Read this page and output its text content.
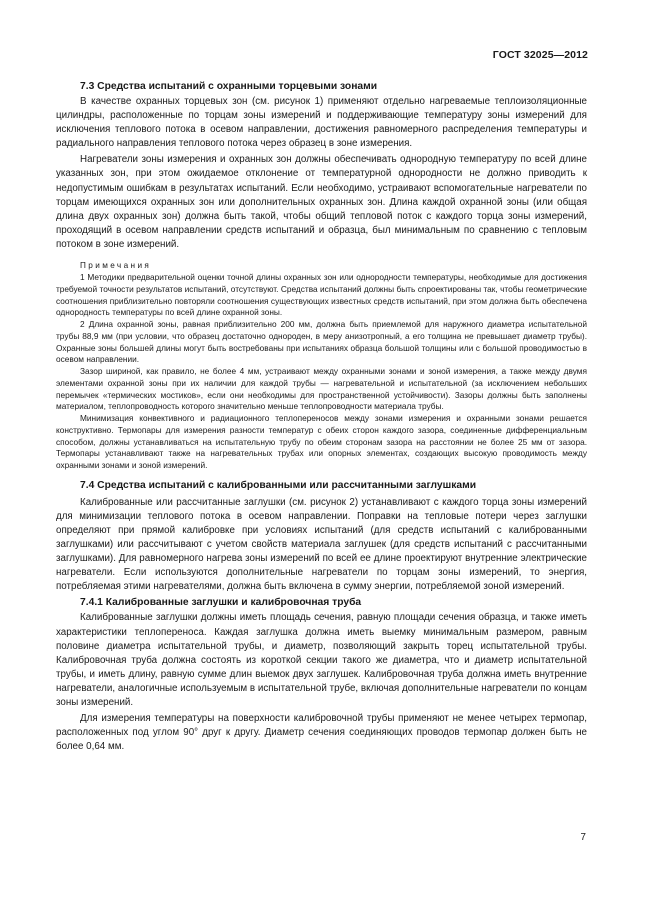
ГОСТ 32025—2012
7.3 Средства испытаний с охранными торцевыми зонами

В качестве охранных торцевых зон (см. рисунок 1) применяют отдельно нагреваемые теплоизоляционные цилиндры, расположенные по торцам зоны измерений и поддерживающие температуру зоны измерений для исключения теплового потока в осевом направлении, достижения равномерного распределения температуры и радиального направления теплового потока через образец в зоне измерения.

Нагреватели зоны измерения и охранных зон должны обеспечивать однородную температуру по всей длине указанных зон, при этом ожидаемое отклонение от температурной однородности не должно приводить к недопустимым ошибкам в результатах испытаний. Если необходимо, устраивают вспомогательные нагреватели по торцам имеющихся охранных зон или дополнительных охранных зон. Длина каждой охранной зоны (или общая длина двух охранных зон) должна быть такой, чтобы общий тепловой поток с каждого торца зоны измерений, проходящий в осевом направлении средств испытаний и образца, был минимальным по сравнению с тепловым потоком в зоне измерений.

Примечания

1 Методики предварительной оценки точной длины охранных зон или однородности температуры, необходимые для достижения требуемой точности результатов испытаний, отсутствуют. Средства испытаний должны быть спроектированы так, чтобы геометрические соотношения приблизительно повторяли соотношения существующих известных средств испытаний, при этом должна быть обеспечена однородность температуры по всей длине охранной зоны.

2 Длина охранной зоны, равная приблизительно 200 мм, должна быть приемлемой для наружного диаметра испытательной трубы 88,9 мм (при условии, что образец достаточно однороден, в меру анизотропный, а его толщина не превышает диаметр трубы). Охранные зоны большей длины могут быть востребованы при испытаниях образца большой толщины или с большой проводимостью в осевом направлении.

Зазор шириной, как правило, не более 4 мм, устраивают между охранными зонами и зоной измерения, а также между двумя элементами охранной зоны при их наличии для каждой трубы — нагревательной и испытательной (за исключением небольших перемычек «термических мостиков», если они необходимы для пространственной устойчивости). Зазоры должны быть заполнены материалом, теплопроводность которого значительно меньше теплопроводности материала трубы.

Минимизация конвективного и радиационного теплопереносов между зонами измерения и охранными зонами решается конструктивно. Термопары для измерения разности температур с обеих сторон каждого зазора, соединенные дифференциальным способом, должны устанавливаться на испытательную трубу по обеим сторонам зазора на расстоянии не более 25 мм от зазора. Термопары устанавливают также на нагревательных трубах или опорных элементах, создающих высокую проводимость между охранными зонами и зоной измерений.

7.4 Средства испытаний с калиброванными или рассчитанными заглушками

Калиброванные или рассчитанные заглушки (см. рисунок 2) устанавливают с каждого торца зоны измерений для минимизации теплового потока в осевом направлении. Поправки на тепловые потери через заглушки определяют при прямой калибровке при условиях испытаний (для средств испытаний с калиброванными заглушками) или рассчитывают с учетом свойств материала заглушек (для средств испытаний с рассчитанными заглушками). Для равномерного нагрева зоны измерений по всей ее длине проектируют внутренние электрические нагреватели. Если используются дополнительные нагреватели по торцам зоны измерений, то энергия, потребляемая этими нагревателями, должна быть включена в сумму энергии, потребляемой зоной измерений.

7.4.1 Калиброванные заглушки и калибровочная труба

Калиброванные заглушки должны иметь площадь сечения, равную площади сечения образца, и также иметь характеристики теплопереноса. Каждая заглушка должна иметь выемку минимальным размером, равным половине диаметра испытательной трубы, и диаметр, позволяющий закрыть торец испытательной трубы. Калибровочная труба должна состоять из короткой секции такого же диаметра, что и диаметр испытательной трубы, и иметь длину, равную сумме длин выемок двух заглушек. Калибровочная труба должна иметь внутренние нагреватели, аналогичные используемым в испытательной трубе, включая дополнительные нагреватели по концам зоны измерений.

Для измерения температуры на поверхности калибровочной трубы применяют не менее четырех термопар, расположенных под углом 90° друг к другу. Диаметр сечения соединяющих проводов термопар должен быть не более 0,64 мм.

7
